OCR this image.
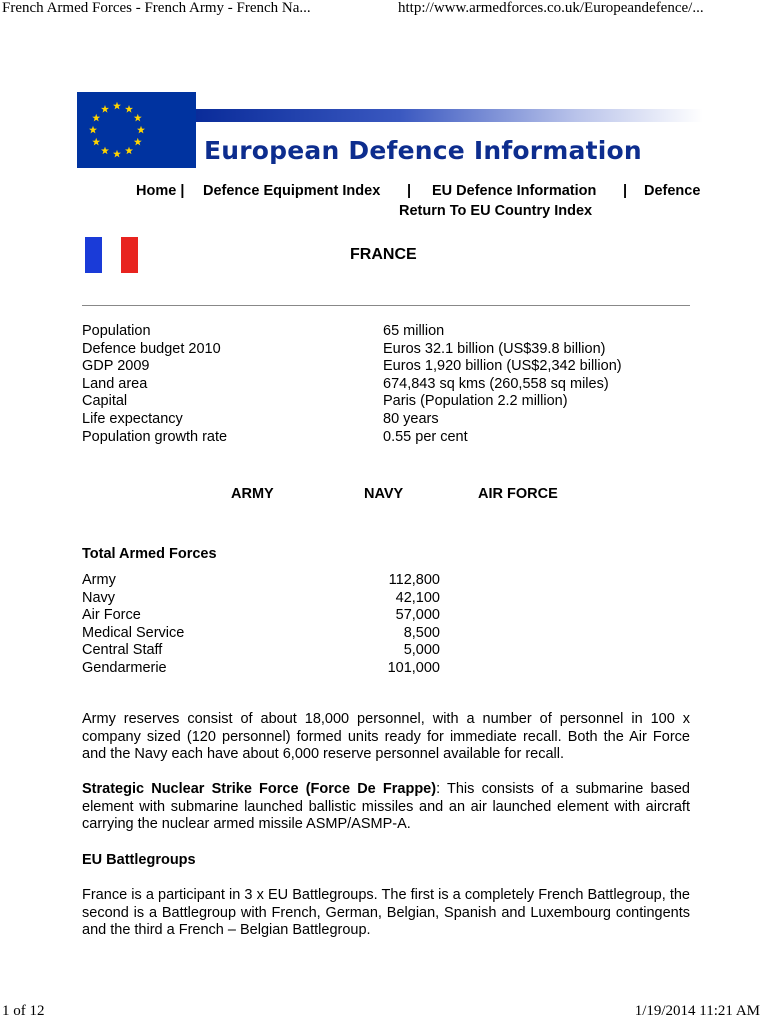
French Armed Forces - French Army - French Na...	http://www.armedforces.co.uk/Europeandefence/...
European Defence Information
Home | Defence Equipment Index | EU Defence Information | Defence
Return To EU Country Index
FRANCE
Population	65 million
Defence budget 2010	Euros 32.1 billion (US$39.8 billion)
GDP 2009	Euros 1,920 billion (US$2,342 billion)
Land area	674,843 sq kms (260,558 sq miles)
Capital	Paris (Population 2.2 million)
Life expectancy	80 years
Population growth rate	0.55 per cent
ARMY	NAVY	AIR FORCE
Total Armed Forces
Army	112,800
Navy	42,100
Air Force	57,000
Medical Service	8,500
Central Staff	5,000
Gendarmerie	101,000
Army reserves consist of about 18,000 personnel, with a number of personnel in 100 x company sized (120 personnel) formed units ready for immediate recall. Both the Air Force and the Navy each have about 6,000 reserve personnel available for recall.
Strategic Nuclear Strike Force (Force De Frappe): This consists of a submarine based element with submarine launched ballistic missiles and an air launched element with aircraft carrying the nuclear armed missile ASMP/ASMP-A.
EU Battlegroups
France is a participant in 3 x EU Battlegroups. The first is a completely French Battlegroup, the second is a Battlegroup with French, German, Belgian, Spanish and Luxembourg contingents and the third a French – Belgian Battlegroup.
1 of 12	1/19/2014 11:21 AM
